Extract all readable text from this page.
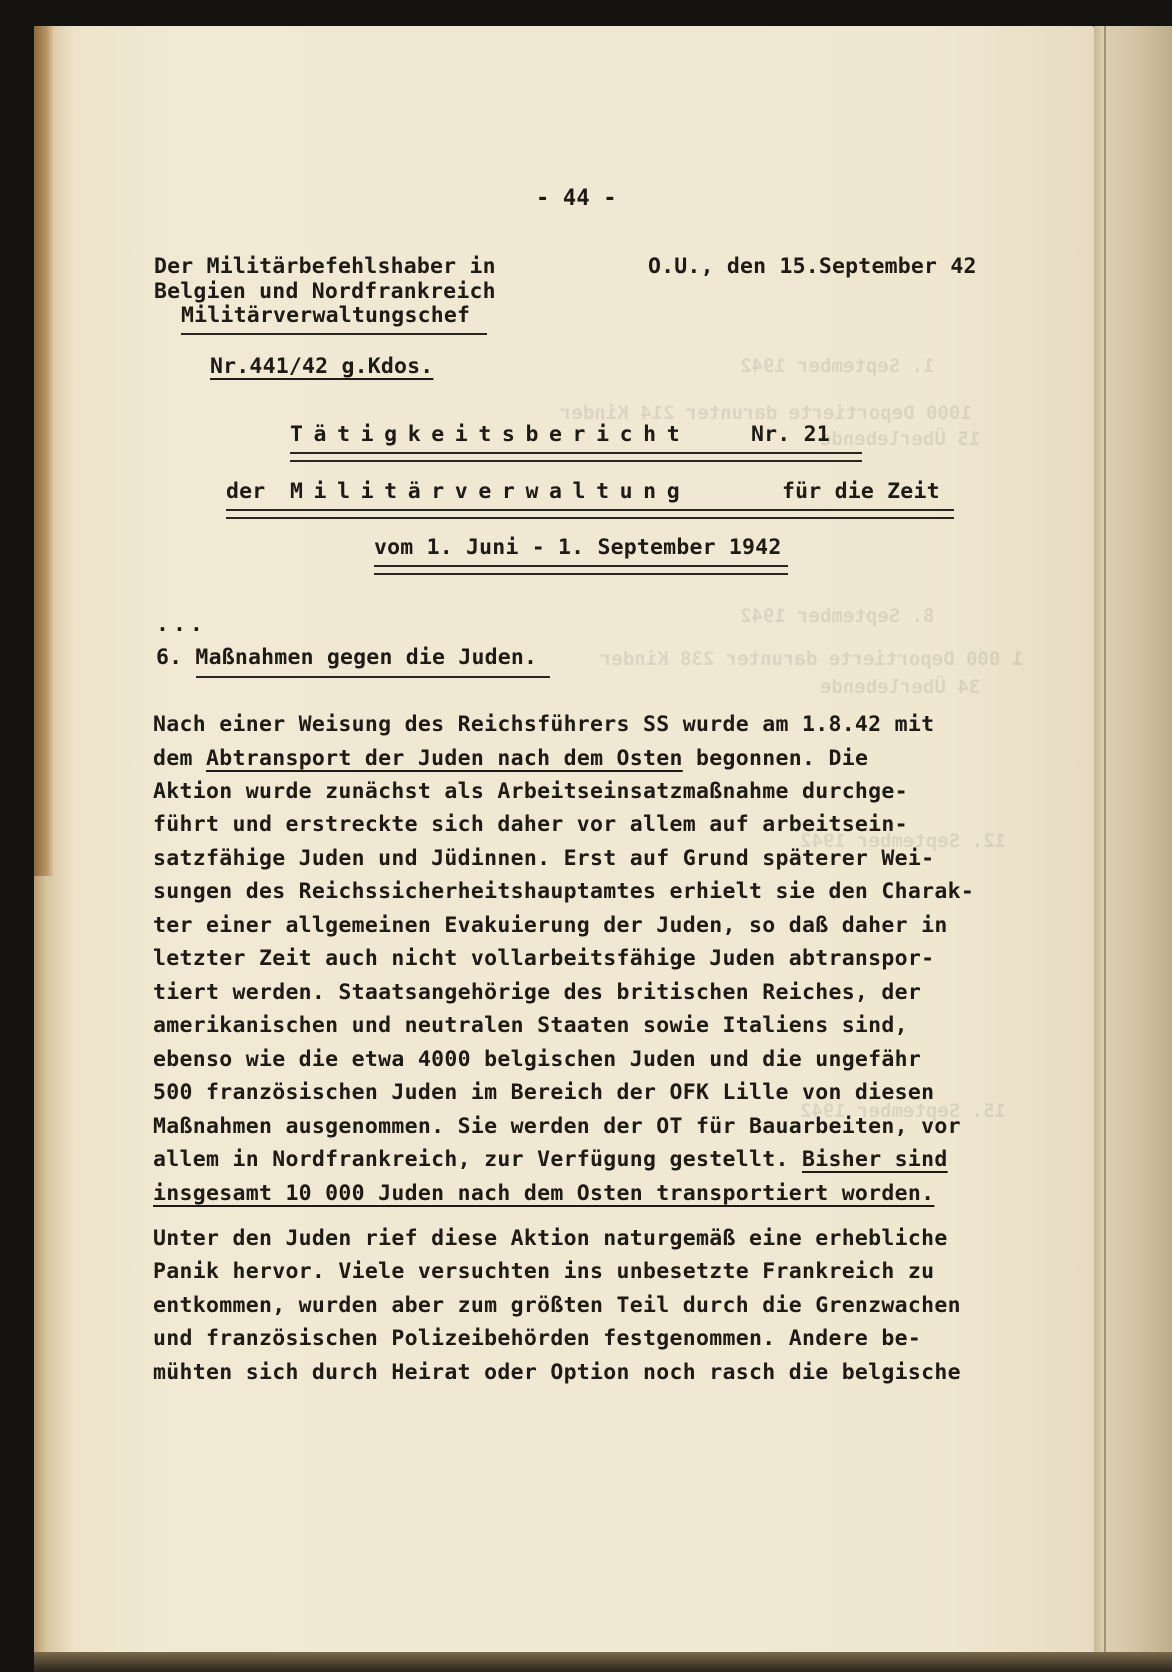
1. September 1942
1000 Deportierte darunter 214 Kinder
15 Überlebende
8. September 1942
1 000 Deportierte darunter 238 Kinder
34 Überlebende
12. September 1942
15. September 1942
- 44 -
Der Militärbefehlshaber in
Belgien und Nordfrankreich
Militärverwaltungschef
O.U., den 15.September 42
Nr.441/42 g.Kdos.
Tätigkeitsbericht	Nr. 21
der Militärverwaltung	für die Zeit
vom 1. Juni - 1. September 1942
...
6. Maßnahmen gegen die Juden.
Nach einer Weisung des Reichsführers SS wurde am 1.8.42 mit
dem Abtransport der Juden nach dem Osten begonnen. Die
Aktion wurde zunächst als Arbeitseinsatzmaßnahme durchge-
führt und erstreckte sich daher vor allem auf arbeitsein-
satzfähige Juden und Jüdinnen. Erst auf Grund späterer Wei-
sungen des Reichssicherheitshauptamtes erhielt sie den Charak-
ter einer allgemeinen Evakuierung der Juden, so daß daher in
letzter Zeit auch nicht vollarbeitsfähige Juden abtranspor-
tiert werden. Staatsangehörige des britischen Reiches, der
amerikanischen und neutralen Staaten sowie Italiens sind,
ebenso wie die etwa 4000 belgischen Juden und die ungefähr
500 französischen Juden im Bereich der OFK Lille von diesen
Maßnahmen ausgenommen. Sie werden der OT für Bauarbeiten, vor
allem in Nordfrankreich, zur Verfügung gestellt. Bisher sind
insgesamt 10 000 Juden nach dem Osten transportiert worden.
Unter den Juden rief diese Aktion naturgemäß eine erhebliche
Panik hervor. Viele versuchten ins unbesetzte Frankreich zu
entkommen, wurden aber zum größten Teil durch die Grenzwachen
und französischen Polizeibehörden festgenommen. Andere be-
mühten sich durch Heirat oder Option noch rasch die belgische
